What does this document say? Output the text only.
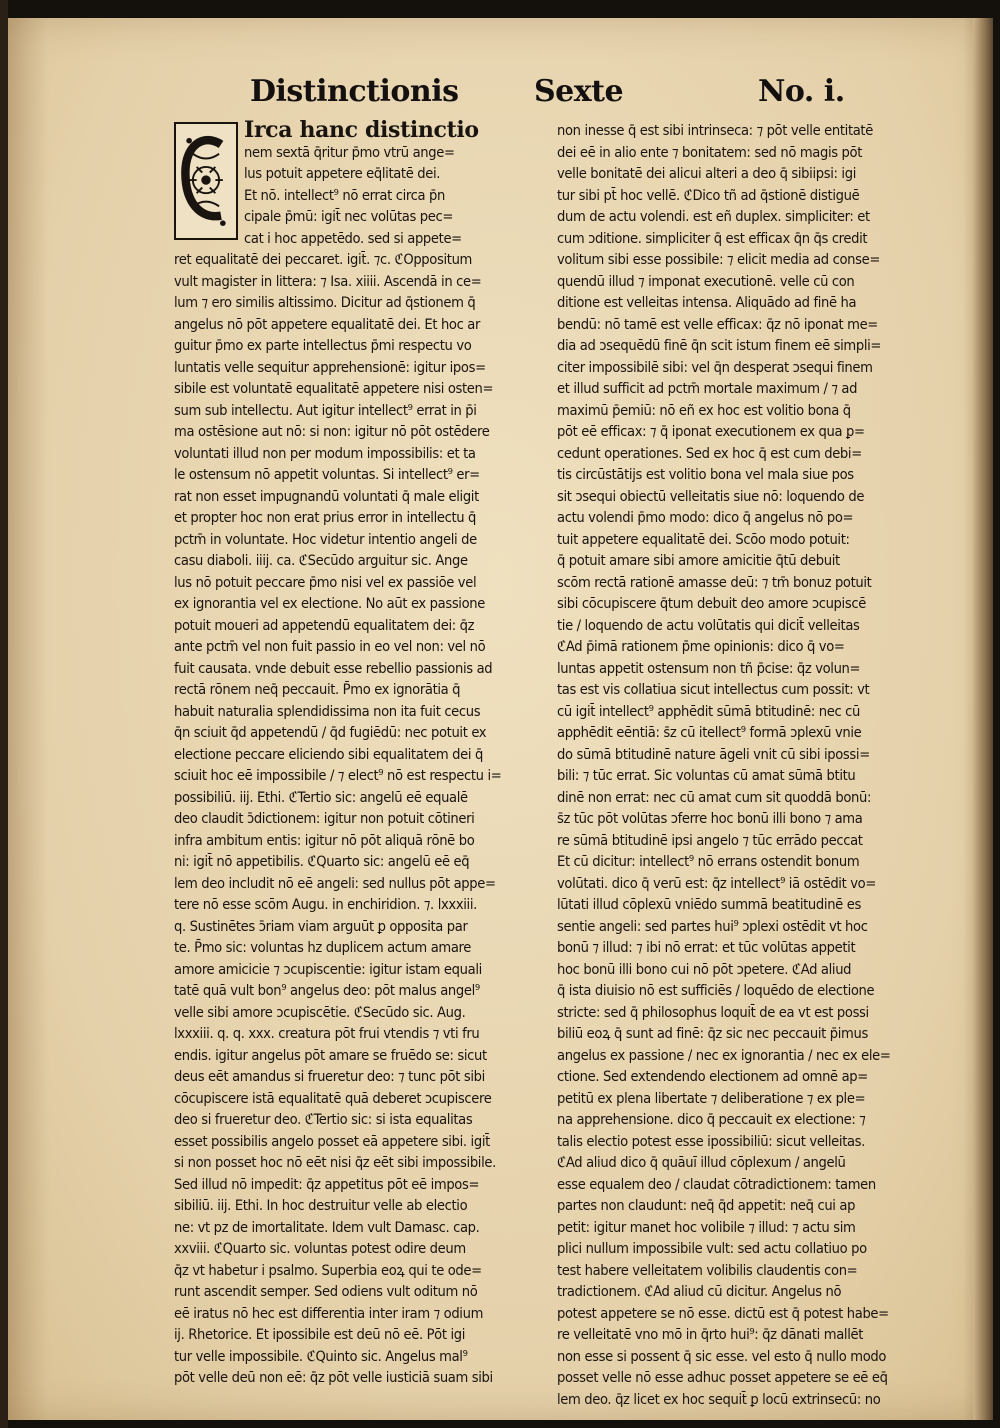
Distinctionis	Sexte	No. i.
Irca hanc distinctio
nem sextā q̄ritur p̄mo vtrū ange=
lus potuit appetere eq̄litatē dei.
Et nō. intellect⁹ nō errat circa p̄n
cipale p̄mū: igit̄ nec volūtas pec=
cat i hoc appetēdo. sed si appete=
ret equalitatē dei peccaret. igit̄. ⁊c. ℭOppositum
vult magister in littera: ⁊ Isa. xiiii. Ascendā in ce=
lum ⁊ ero similis altissimo. Dicitur ad q̄stionem q̄
angelus nō pōt appetere equalitatē dei. Et hoc ar
guitur p̄mo ex parte intellectus p̄mi respectu vo
luntatis velle sequitur apprehensionē: igitur ipos=
sibile est voluntatē equalitatē appetere nisi osten=
sum sub intellectu. Aut igitur intellect⁹ errat in p̄i
ma ostēsione aut nō: si non: igitur nō pōt ostēdere
voluntati illud non per modum impossibilis: et ta
le ostensum nō appetit voluntas. Si intellect⁹ er=
rat non esset impugnandū voluntati q̄ male eligit
et propter hoc non erat prius error in intellectu q̄
pctm̄ in voluntate. Hoc videtur intentio angeli de
casu diaboli. iiij. ca. ℭSecūdo arguitur sic. Ange
lus nō potuit peccare p̄mo nisi vel ex passiōe vel
ex ignorantia vel ex electione. No aūt ex passione
potuit moueri ad appetendū equalitatem dei: q̄z
ante pctm̄ vel non fuit passio in eo vel non: vel nō
fuit causata. vnde debuit esse rebellio passionis ad
rectā rōnem neq̄ peccauit. P̄mo ex ignorātia q̄
habuit naturalia splendidissima non ita fuit cecus
q̄n sciuit q̄d appetendū / q̄d fugiēdū: nec potuit ex
electione peccare eliciendo sibi equalitatem dei q̄
sciuit hoc eē impossibile / ⁊ elect⁹ nō est respectu i=
possibiliū. iij. Ethi. ℭTertio sic: angelū eē equalē
deo claudit ɔ̄dictionem: igitur non potuit cōtineri
infra ambitum entis: igitur nō pōt aliquā rōnē bo
ni: igit̄ nō appetibilis. ℭQuarto sic: angelū eē eq̄
lem deo includit nō eē angeli: sed nullus pōt appe=
tere nō esse scōm Augu. in enchiridion. ⁊. lxxxiii.
q. Sustinētes ɔ̄riam viam arguūt ꝑ opposita par
te. P̄mo sic: voluntas hz duplicem actum amare
amore amicicie ⁊ ɔcupiscentie: igitur istam equali
tatē quā vult bon⁹ angelus deo: pōt malus angel⁹
velle sibi amore ɔcupiscētie. ℭSecūdo sic. Aug.
lxxxiii. q. q. xxx. creatura pōt frui vtendis ⁊ vti fru
endis. igitur angelus pōt amare se fruēdo se: sicut
deus eēt amandus si frueretur deo: ⁊ tunc pōt sibi
cōcupiscere istā equalitatē quā deberet ɔcupiscere
deo si frueretur deo. ℭTertio sic: si ista equalitas
esset possibilis angelo posset eā appetere sibi. igit̄
si non posset hoc nō eēt nisi q̄z eēt sibi impossibile.
Sed illud nō impedit: q̄z appetitus pōt eē impos=
sibiliū. iij. Ethi. In hoc destruitur velle ab electio
ne: vt pz de imortalitate. Idem vult Damasc. cap.
xxviii. ℭQuarto sic. voluntas potest odire deum
q̄z vt habetur i psalmo. Superbia eoꝝ qui te ode=
runt ascendit semper. Sed odiens vult oditum nō
eē iratus nō hec est differentia inter iram ⁊ odium
ij. Rhetorice. Et ipossibile est deū nō eē. Pōt igi
tur velle impossibile. ℭQuinto sic. Angelus mal⁹
pōt velle deū non eē: q̄z pōt velle iusticiā suam sibi
non inesse q̄ est sibi intrinseca: ⁊ pōt velle entitatē
dei eē in alio ente ⁊ bonitatem: sed nō magis pōt
velle bonitatē dei alicui alteri a deo q̄ sibiipsi: igi
tur sibi pt̄ hoc vellē. ℭDico tñ ad q̄stionē distiguē
dum de actu volendi. est eñ duplex. simpliciter: et
cum ɔditione. simpliciter q̄ est efficax q̄n q̄s credit
volitum sibi esse possibile: ⁊ elicit media ad conse=
quendū illud ⁊ imponat executionē. velle cū con
ditione est velleitas intensa. Aliquādo ad finē ha
bendū: nō tamē est velle efficax: q̄z nō iponat me=
dia ad ɔsequēdū finē q̄n scit istum finem eē simpli=
citer impossibilē sibi: vel q̄n desperat ɔsequi finem
et illud sufficit ad pctm̄ mortale maximum / ⁊ ad
maximū p̄emiū: nō eñ ex hoc est volitio bona q̄
pōt eē efficax: ⁊ q̄ iponat executionem ex qua ꝑ=
cedunt operationes. Sed ex hoc q̄ est cum debi=
tis circūstātijs est volitio bona vel mala siue pos
sit ɔsequi obiectū velleitatis siue nō: loquendo de
actu volendi p̄mo modo: dico q̄ angelus nō po=
tuit appetere equalitatē dei. Scōo modo potuit:
q̄ potuit amare sibi amore amicitie q̄tū debuit
scōm rectā rationē amasse deū: ⁊ tm̄ bonuz potuit
sibi cōcupiscere q̄tum debuit deo amore ɔcupiscē
tie / loquendo de actu volūtatis qui dicit̄ velleitas
ℭAd p̄imā rationem p̄me opinionis: dico q̄ vo=
luntas appetit ostensum non tñ p̄cise: q̄z volun=
tas est vis collatiua sicut intellectus cum possit: vt
cū igit̄ intellect⁹ apphēdit sūmā btitudinē: nec cū
apphēdit eēntiā: s̄z cū itellect⁹ formā ɔplexū vnie
do sūmā btitudinē nature āgeli vnit cū sibi ipossi=
bili: ⁊ tūc errat. Sic voluntas cū amat sūmā btitu
dinē non errat: nec cū amat cum sit quoddā bonū:
s̄z tūc pōt volūtas ɔferre hoc bonū illi bono ⁊ ama
re sūmā btitudinē ipsi angelo ⁊ tūc errādo peccat
Et cū dicitur: intellect⁹ nō errans ostendit bonum
volūtati. dico q̄ verū est: q̄z intellect⁹ iā ostēdit vo=
lūtati illud cōplexū vniēdo summā beatitudinē es
sentie angeli: sed partes hui⁹ ɔplexi ostēdit vt hoc
bonū ⁊ illud: ⁊ ibi nō errat: et tūc volūtas appetit
hoc bonū illi bono cui nō pōt ɔpetere. ℭAd aliud
q̄ ista diuisio nō est sufficiēs / loquēdo de electione
stricte: sed q̄ philosophus loquit̄ de ea vt est possi
biliū eoꝝ q̄ sunt ad finē: q̄z sic nec peccauit p̄imus
angelus ex passione / nec ex ignorantia / nec ex ele=
ctione. Sed extendendo electionem ad omnē ap=
petitū ex plena libertate ⁊ deliberatione ⁊ ex ple=
na apprehensione. dico q̄ peccauit ex electione: ⁊
talis electio potest esse ipossibiliū: sicut velleitas.
ℭAd aliud dico q̄ quāuī illud cōplexum / angelū
esse equalem deo / claudat cōtradictionem: tamen
partes non claudunt: neq̄ q̄d appetit: neq̄ cui ap
petit: igitur manet hoc volibile ⁊ illud: ⁊ actu sim
plici nullum impossibile vult: sed actu collatiuo po
test habere velleitatem volibilis claudentis con=
tradictionem. ℭAd aliud cū dicitur. Angelus nō
potest appetere se nō esse. dictū est q̄ potest habe=
re velleitatē vno mō in q̄rto hui⁹: q̄z dānati mallēt
non esse si possent q̄ sic esse. vel esto q̄ nullo modo
posset velle nō esse adhuc posset appetere se eē eq̄
lem deo. q̄z licet ex hoc sequit̄ ꝑ locū extrinsecū: no
